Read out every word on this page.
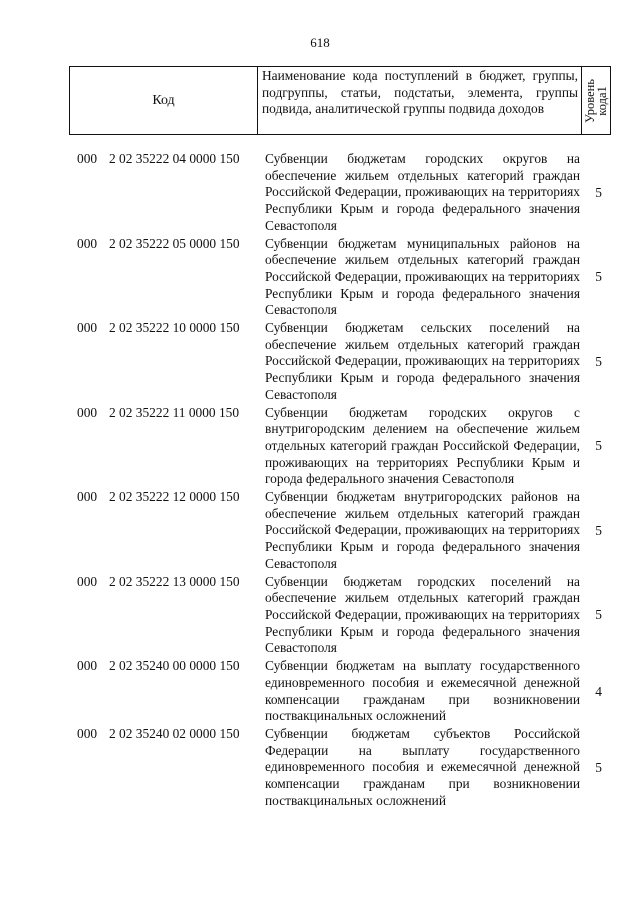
618
Код
Наименование кода поступлений в бюджет, группы, подгруппы, статьи, подстатьи, элемента, группы подвида, аналитической группы подвида доходов	Уровень
кода1
000 2 02 35222 04 0000 150 Субвенции бюджетам городских округов на обеспечение жильем отдельных категорий граждан Российской Федерации, проживающих на территориях Республики Крым и города федерального значения Севастополя
5
000 2 02 35222 05 0000 150 Субвенции бюджетам муниципальных районов на обеспечение жильем отдельных категорий граждан Российской Федерации, проживающих на территориях Республики Крым и города федерального значения Севастополя
5
000 2 02 35222 10 0000 150 Субвенции бюджетам сельских поселений на обеспечение жильем отдельных категорий граждан Российской Федерации, проживающих на территориях Республики Крым и города федерального значения Севастополя
5
000 2 02 35222 11 0000 150 Субвенции бюджетам городских округов с внутригородским делением на обеспечение жильем отдельных категорий граждан Российской Федерации, проживающих на территориях Республики Крым и города федерального значения Севастополя
5
000 2 02 35222 12 0000 150 Субвенции бюджетам внутригородских районов на обеспечение жильем отдельных категорий граждан Российской Федерации, проживающих на территориях Республики Крым и города федерального значения Севастополя
5
000 2 02 35222 13 0000 150 Субвенции бюджетам городских поселений на обеспечение жильем отдельных категорий граждан Российской Федерации, проживающих на территориях Республики Крым и города федерального значения Севастополя
5
000 2 02 35240 00 0000 150 Субвенции бюджетам на выплату государственного единовременного пособия и ежемесячной денежной компенсации гражданам при возникновении поствакцинальных осложнений
4
000 2 02 35240 02 0000 150 Субвенции бюджетам субъектов Российской Федерации на выплату государственного единовременного пособия и ежемесячной денежной компенсации гражданам при возникновении поствакцинальных осложнений
5
